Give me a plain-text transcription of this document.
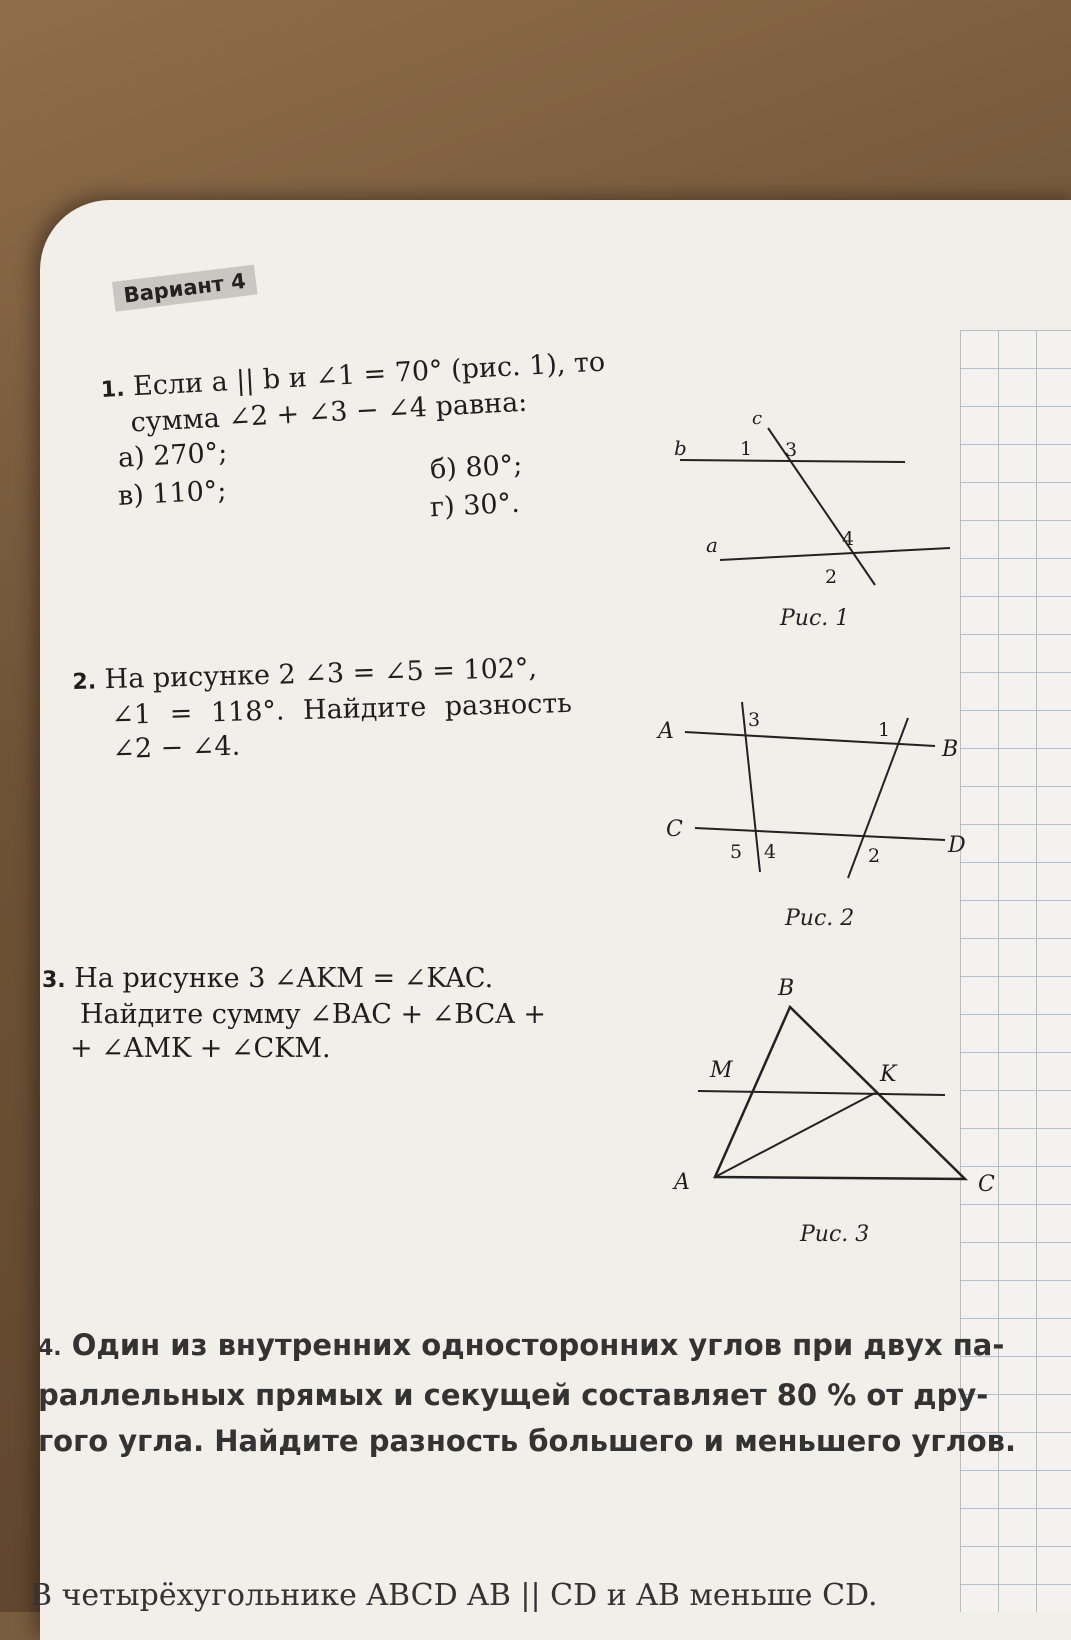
Вариант 4
1. Если a || b и ∠1 = 70° (рис. 1), то
сумма ∠2 + ∠3 − ∠4 равна:
а) 270°;	б) 80°;
в) 110°;	г) 30°.
b
a
c
1 3
4
2
Рис. 1
2. На рисунке 2 ∠3 = ∠5 = 102°,
∠1 = 118°. Найдите разность
∠2 − ∠4.	A
B
C
D
3	1
5 4	2
Рис. 2
3. На рисунке 3 ∠AKM = ∠KAC.
Найдите сумму ∠BAC + ∠BCA +
+ ∠AMK + ∠CKM.
B
M	K
A	C
Рис. 3
4. Один из внутренних односторонних углов при двух па-
раллельных прямых и секущей составляет 80 % от дру-
гого угла. Найдите разность большего и меньшего углов.
В четырёхугольнике ABCD AB || CD и AB меньше CD.
